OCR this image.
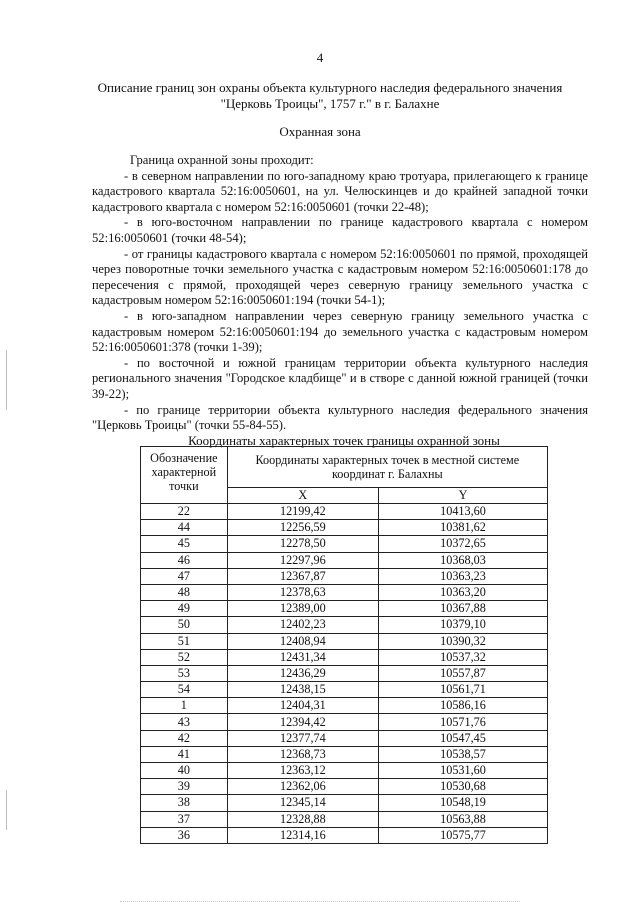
4
Описание границ зон охраны объекта культурного наследия федерального значения
"Церковь Троицы", 1757 г." в г. Балахне
Охранная зона

Граница охранной зоны проходит:

- в северном направлении по юго-западному краю тротуара, прилегающего к границе кадастрового квартала 52:16:0050601, на ул. Челюскинцев и до крайней западной точки кадастрового квартала с номером 52:16:0050601 (точки 22-48);

- в юго-восточном направлении по границе кадастрового квартала с номером 52:16:0050601 (точки 48-54);

- от границы кадастрового квартала с номером 52:16:0050601 по прямой, проходящей через поворотные точки земельного участка с кадастровым номером 52:16:0050601:178 до пересечения с прямой, проходящей через северную границу земельного участка с кадастровым номером 52:16:0050601:194 (точки 54-1);

- в юго-западном направлении через северную границу земельного участка с кадастровым номером 52:16:0050601:194 до земельного участка с кадастровым номером 52:16:0050601:378 (точки 1-39);

- по восточной и южной границам территории объекта культурного наследия регионального значения "Городское кладбище" и в створе с данной южной границей (точки 39-22);

- по границе территории объекта культурного наследия федерального значения "Церковь Троицы" (точки 55-84-55).

Координаты характерных точек границы охранной зоны
Обозначение характерной точки	Координаты характерных точек в местной системе координат г. Балахны	
	X	Y
22	12199,42	10413,60
44	12256,59	10381,62
45	12278,50	10372,65
46	12297,96	10368,03
47	12367,87	10363,23
48	12378,63	10363,20
49	12389,00	10367,88
50	12402,23	10379,10
51	12408,94	10390,32
52	12431,34	10537,32
53	12436,29	10557,87
54	12438,15	10561,71
1	12404,31	10586,16
43	12394,42	10571,76
42	12377,74	10547,45
41	12368,73	10538,57
40	12363,12	10531,60
39	12362,06	10530,68
38	12345,14	10548,19
37	12328,88	10563,88
36	12314,16	10575,77
